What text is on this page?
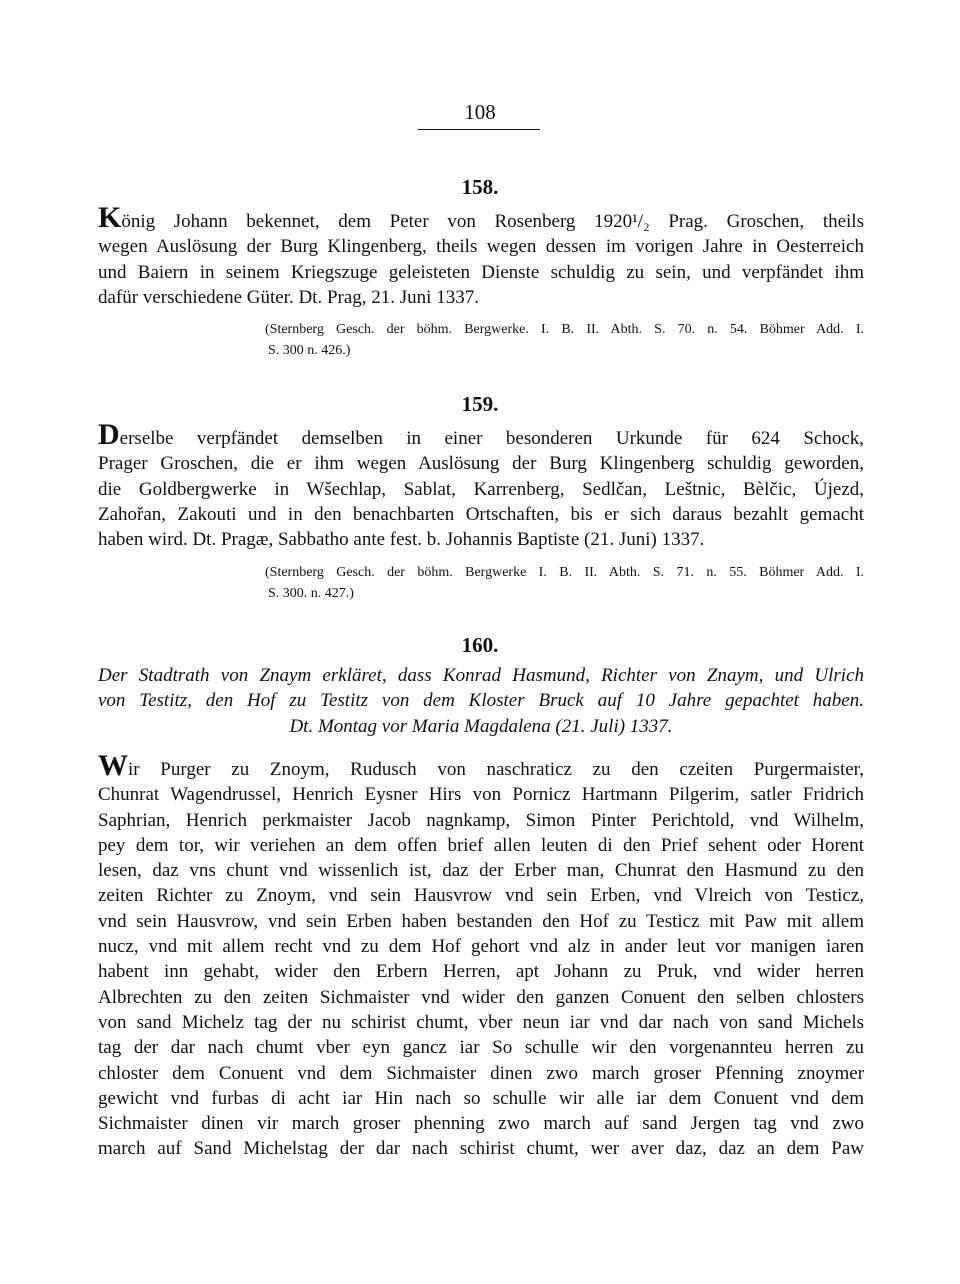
108
158.
König Johann bekennet, dem Peter von Rosenberg 1920¹/₂ Prag. Groschen, theils
wegen Auslösung der Burg Klingenberg, theils wegen dessen im vorigen Jahre in Oesterreich
und Baiern in seinem Kriegszuge geleisteten Dienste schuldig zu sein, und verpfändet ihm
dafür verschiedene Güter. Dt. Prag, 21. Juni 1337.
(Sternberg Gesch. der böhm. Bergwerke. I. B. II. Abth. S. 70. n. 54. Böhmer Add. I.
S. 300 n. 426.)
159.
Derselbe verpfändet demselben in einer besonderen Urkunde für 624 Schock,
Prager Groschen, die er ihm wegen Auslösung der Burg Klingenberg schuldig geworden,
die Goldbergwerke in Wšechlap, Sablat, Karrenberg, Sedlčan, Leštnic, Bèlčic, Újezd,
Zahořan, Zakouti und in den benachbarten Ortschaften, bis er sich daraus bezahlt gemacht
haben wird. Dt. Pragæ, Sabbatho ante fest. b. Johannis Baptiste (21. Juni) 1337.
(Sternberg Gesch. der böhm. Bergwerke I. B. II. Abth. S. 71. n. 55. Böhmer Add. I.
S. 300. n. 427.)
160.
Der Stadtrath von Znaym erkläret, dass Konrad Hasmund, Richter von Znaym, und Ulrich
von Testitz, den Hof zu Testitz von dem Kloster Bruck auf 10 Jahre gepachtet haben.
Dt. Montag vor Maria Magdalena (21. Juli) 1337.
Wir Purger zu Znoym, Rudusch von naschraticz zu den czeiten Purgermaister,
Chunrat Wagendrussel, Henrich Eysner Hirs von Pornicz Hartmann Pilgerim, satler Fridrich
Saphrian, Henrich perkmaister Jacob nagnkamp, Simon Pinter Perichtold, vnd Wilhelm,
pey dem tor, wir veriehen an dem offen brief allen leuten di den Prief sehent oder Horent
lesen, daz vns chunt vnd wissenlich ist, daz der Erber man, Chunrat den Hasmund zu den
zeiten Richter zu Znoym, vnd sein Hausvrow vnd sein Erben, vnd Vlreich von Testicz,
vnd sein Hausvrow, vnd sein Erben haben bestanden den Hof zu Testicz mit Paw mit allem
nucz, vnd mit allem recht vnd zu dem Hof gehort vnd alz in ander leut vor manigen iaren
habent inn gehabt, wider den Erbern Herren, apt Johann zu Pruk, vnd wider herren
Albrechten zu den zeiten Sichmaister vnd wider den ganzen Conuent den selben chlosters
von sand Michelz tag der nu schirist chumt, vber neun iar vnd dar nach von sand Michels
tag der dar nach chumt vber eyn gancz iar So schulle wir den vorgenannteu herren zu
chloster dem Conuent vnd dem Sichmaister dinen zwo march groser Pfenning znoymer
gewicht vnd furbas di acht iar Hin nach so schulle wir alle iar dem Conuent vnd dem
Sichmaister dinen vir march groser phenning zwo march auf sand Jergen tag vnd zwo
march auf Sand Michelstag der dar nach schirist chumt, wer aver daz, daz an dem Paw
